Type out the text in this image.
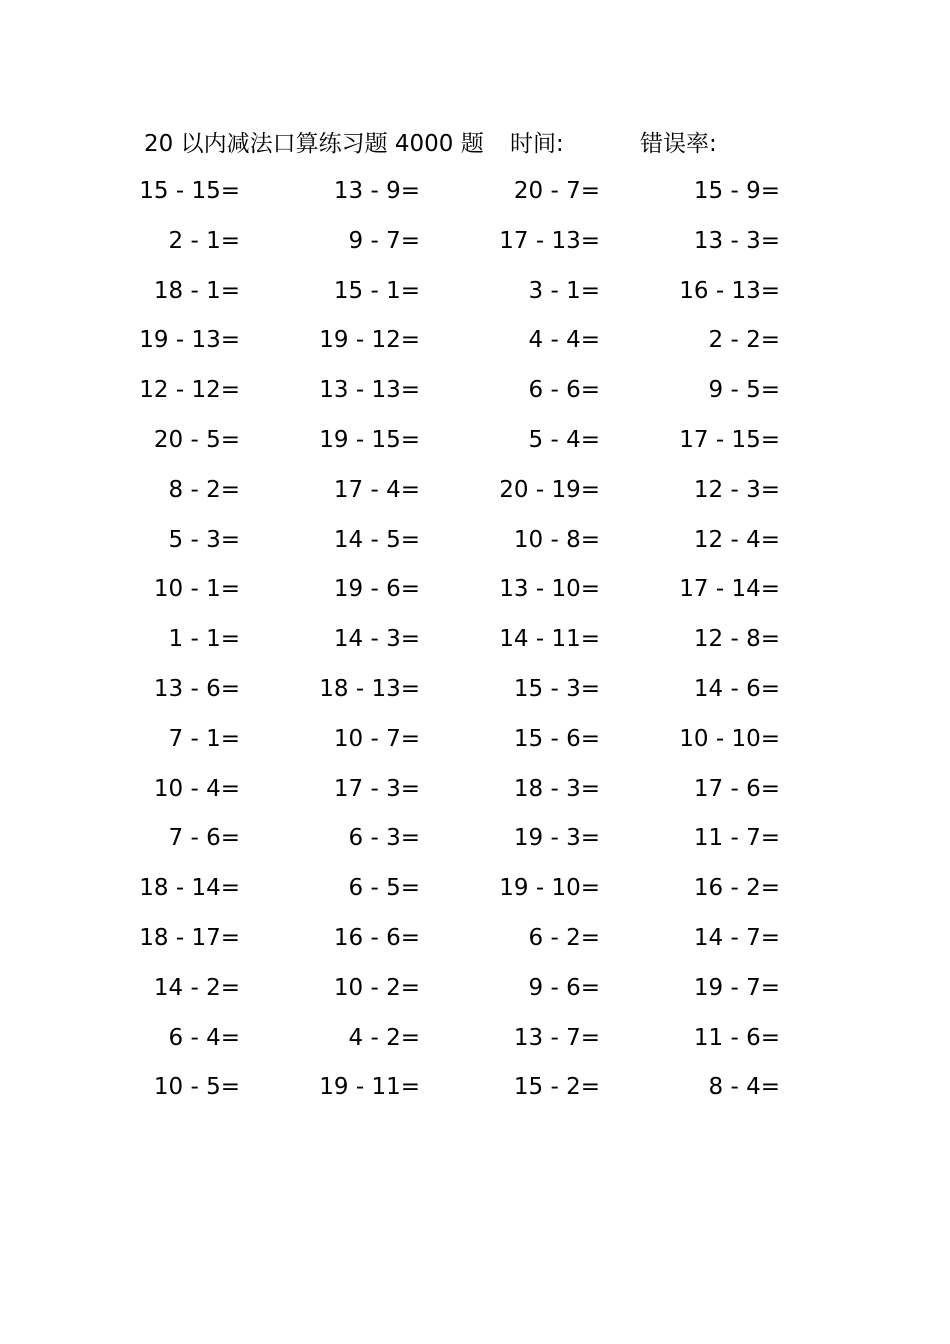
20 以内减法口算练习题 4000 题 时间:	错误率:
15 - 15=	13 - 9=	20 - 7=	15 - 9=
2 - 1=	9 - 7=	17 - 13=	13 - 3=
18 - 1=	15 - 1=	3 - 1=	16 - 13=
19 - 13=	19 - 12=	4 - 4=	2 - 2=
12 - 12=	13 - 13=	6 - 6=	9 - 5=
20 - 5=	19 - 15=	5 - 4=	17 - 15=
8 - 2=	17 - 4=	20 - 19=	12 - 3=
5 - 3=	14 - 5=	10 - 8=	12 - 4=
10 - 1=	19 - 6=	13 - 10=	17 - 14=
1 - 1=	14 - 3=	14 - 11=	12 - 8=
13 - 6=	18 - 13=	15 - 3=	14 - 6=
7 - 1=	10 - 7=	15 - 6=	10 - 10=
10 - 4=	17 - 3=	18 - 3=	17 - 6=
7 - 6=	6 - 3=	19 - 3=	11 - 7=
18 - 14=	6 - 5=	19 - 10=	16 - 2=
18 - 17=	16 - 6=	6 - 2=	14 - 7=
14 - 2=	10 - 2=	9 - 6=	19 - 7=
6 - 4=	4 - 2=	13 - 7=	11 - 6=
10 - 5=	19 - 11=	15 - 2=	8 - 4=
